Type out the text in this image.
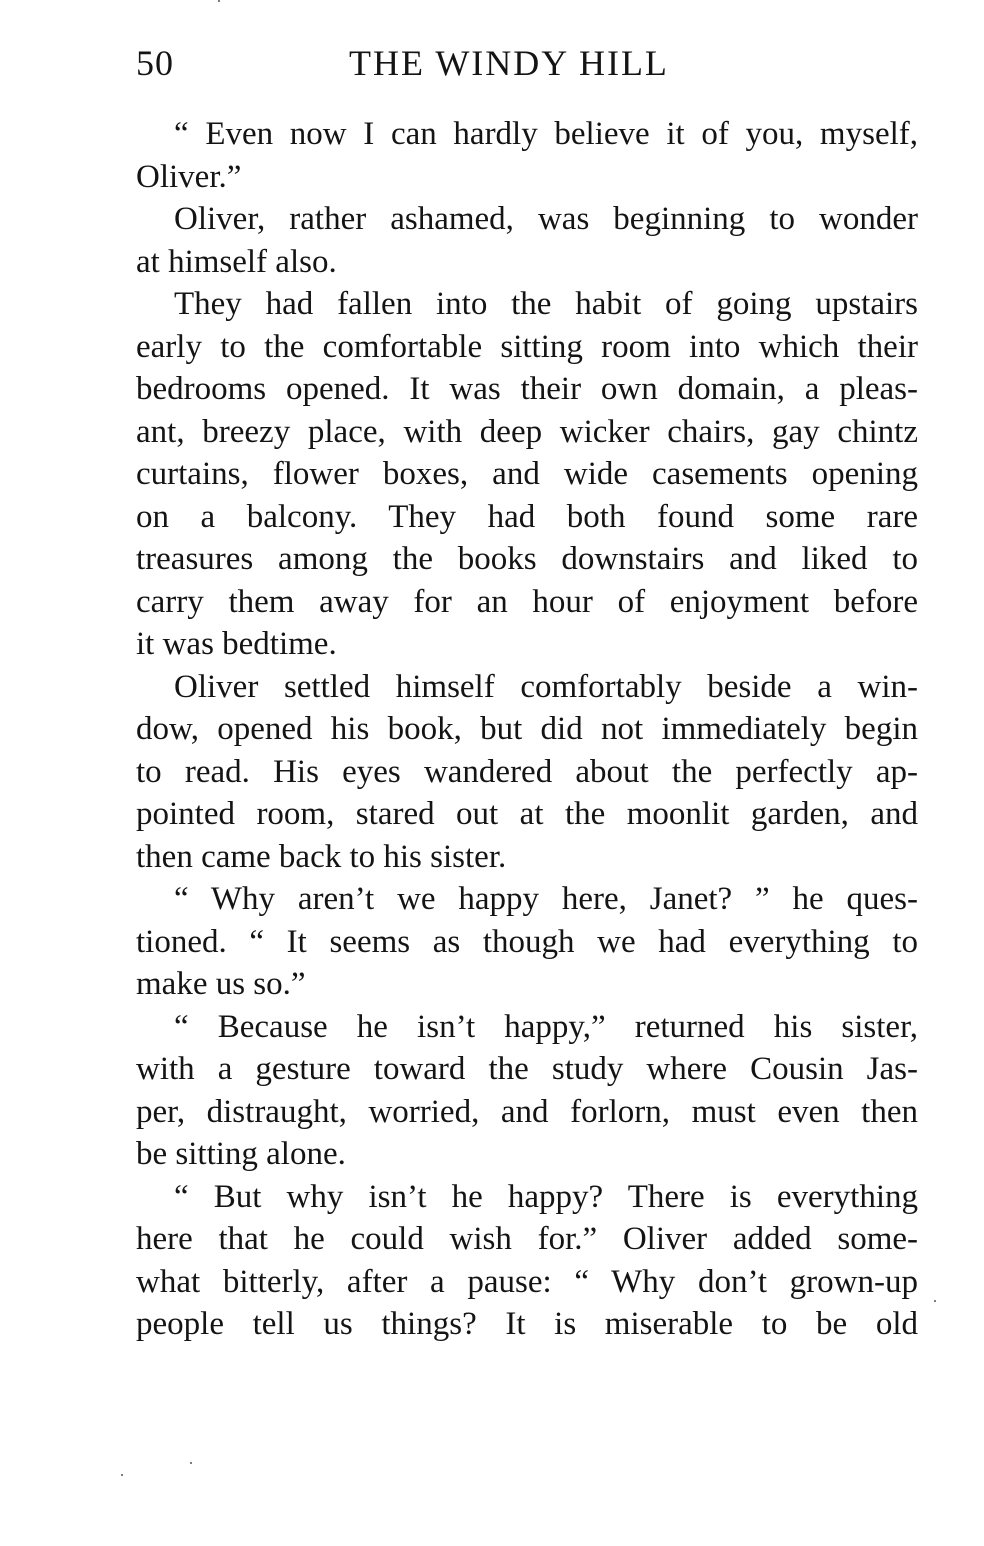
50	THE WINDY HILL
“ Even now I can hardly believe it of you, myself,
Oliver.”
Oliver, rather ashamed, was beginning to wonder
at himself also.
They had fallen into the habit of going upstairs
early to the comfortable sitting room into which their
bedrooms opened. It was their own domain, a pleas-
ant, breezy place, with deep wicker chairs, gay chintz
curtains, flower boxes, and wide casements opening
on a balcony. They had both found some rare
treasures among the books downstairs and liked to
carry them away for an hour of enjoyment before
it was bedtime.
Oliver settled himself comfortably beside a win-
dow, opened his book, but did not immediately begin
to read. His eyes wandered about the perfectly ap-
pointed room, stared out at the moonlit garden, and
then came back to his sister.
“ Why aren’t we happy here, Janet? ” he ques-
tioned. “ It seems as though we had everything to
make us so.”
“ Because he isn’t happy,” returned his sister,
with a gesture toward the study where Cousin Jas-
per, distraught, worried, and forlorn, must even then
be sitting alone.
“ But why isn’t he happy? There is everything
here that he could wish for.” Oliver added some-
what bitterly, after a pause: “ Why don’t grown-up
people tell us things? It is miserable to be old
